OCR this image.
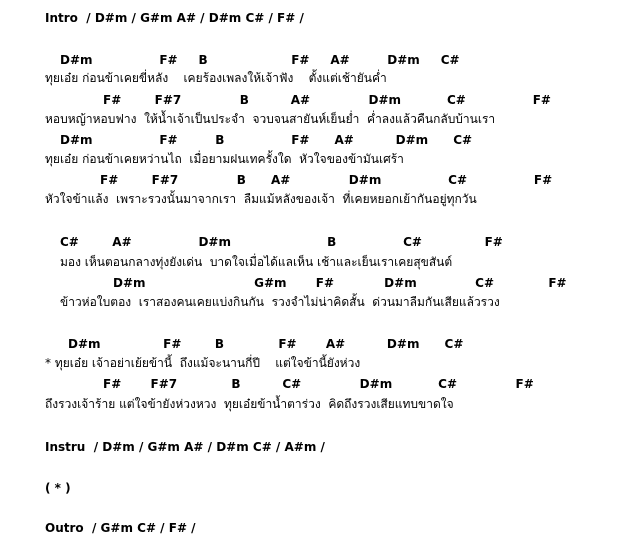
Intro  / D#m / G#m A# / D#m C# / F# /
D#m                F#     B                    F#     A#         D#m     C#
ทุยเอ๋ย ก่อนข้าเคยขี่หลัง    เคยร้องเพลงให้เจ้าฟัง    ตั้งแต่เช้ายันค่ำ
F#        F#7              B          A#              D#m           C#                F#
หอบหญ้าหอบฟาง  ให้น้ำเจ้าเป็นประจำ  จวบจนสายันห์เย็นย่ำ  ค่ำลงแล้วคืนกลับบ้านเรา
D#m                F#         B                F#      A#          D#m      C#
ทุยเอ๋ย ก่อนข้าเคยหว่านไถ  เมื่อยามฝนเทครั้งใด  หัวใจของข้ามันเศร้า
F#        F#7              B      A#              D#m                C#                F#
หัวใจข้าแล้ง  เพราะรวงนั้นมาจากเรา  ลืมแม้หลังของเจ้า  ที่เคยหยอกเย้ากันอยู่ทุกวัน
C#        A#                D#m                       B                C#               F#
มอง เห็นตอนกลางทุ่งยังเด่น  บาดใจเมื่อได้แลเห็น เช้าและเย็นเราเคยสุขสันต์
D#m                          G#m       F#            D#m              C#             F#
ข้าวห่อใบตอง  เราสองคนเคยแบ่งกินกัน  รวงจำไม่น่าคิดสั้น  ด่วนมาลืมกันเสียแล้วรวง
D#m               F#        B             F#       A#          D#m      C#
* ทุยเอ๋ย เจ้าอย่าเย้ยข้านี้  ถึงแม้จะนานกี่ปี    แต่ใจข้านี้ยังห่วง
F#       F#7             B          C#              D#m           C#              F#
ถึงรวงเจ้าร้าย แต่ใจข้ายังห่วงหวง  ทุยเอ๋ยข้าน้ำตาร่วง  คิดถึงรวงเสียแทบขาดใจ
Instru  / D#m / G#m A# / D#m C# / A#m /
( * )
Outro  / G#m C# / F# /
